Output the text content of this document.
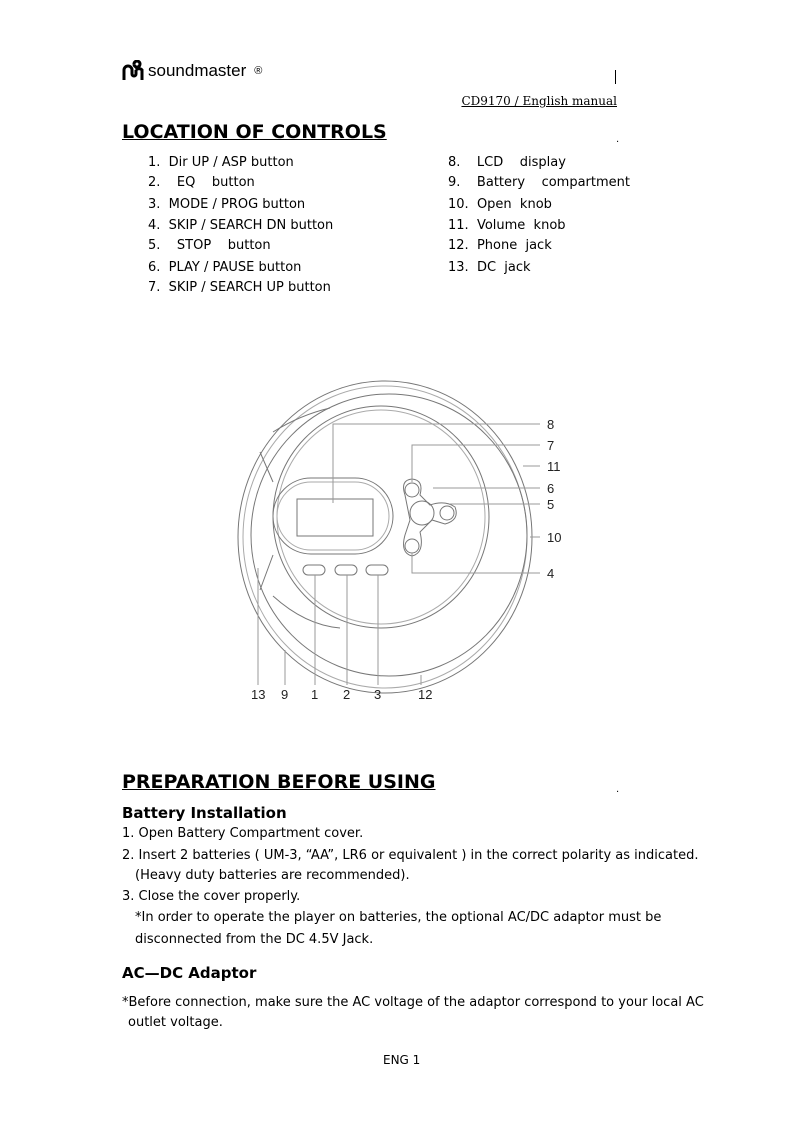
soundmaster ®
CD9170 / English manual
LOCATION OF CONTROLS	.
1.  Dir UP / ASP button
2.    EQ    button
3.  MODE / PROG button
4.  SKIP / SEARCH DN button
5.    STOP    button
6.  PLAY / PAUSE button
7.  SKIP / SEARCH UP button
8.    LCD    display
9.    Battery    compartment
10.  Open  knob
11.  Volume  knob
12.  Phone  jack
13.  DC  jack
8
7
11
6
5
10
4
13 9 1 2 3	12
PREPARATION BEFORE USING	.
Battery Installation
1. Open Battery Compartment cover.
2. Insert 2 batteries ( UM-3, “AA”, LR6 or equivalent ) in the correct polarity as indicated.
(Heavy duty batteries are recommended).
3. Close the cover properly.
*In order to operate the player on batteries, the optional AC/DC adaptor must be
disconnected from the DC 4.5V Jack.
AC—DC Adaptor
*Before connection, make sure the AC voltage of the adaptor correspond to your local AC
outlet voltage.
ENG 1
